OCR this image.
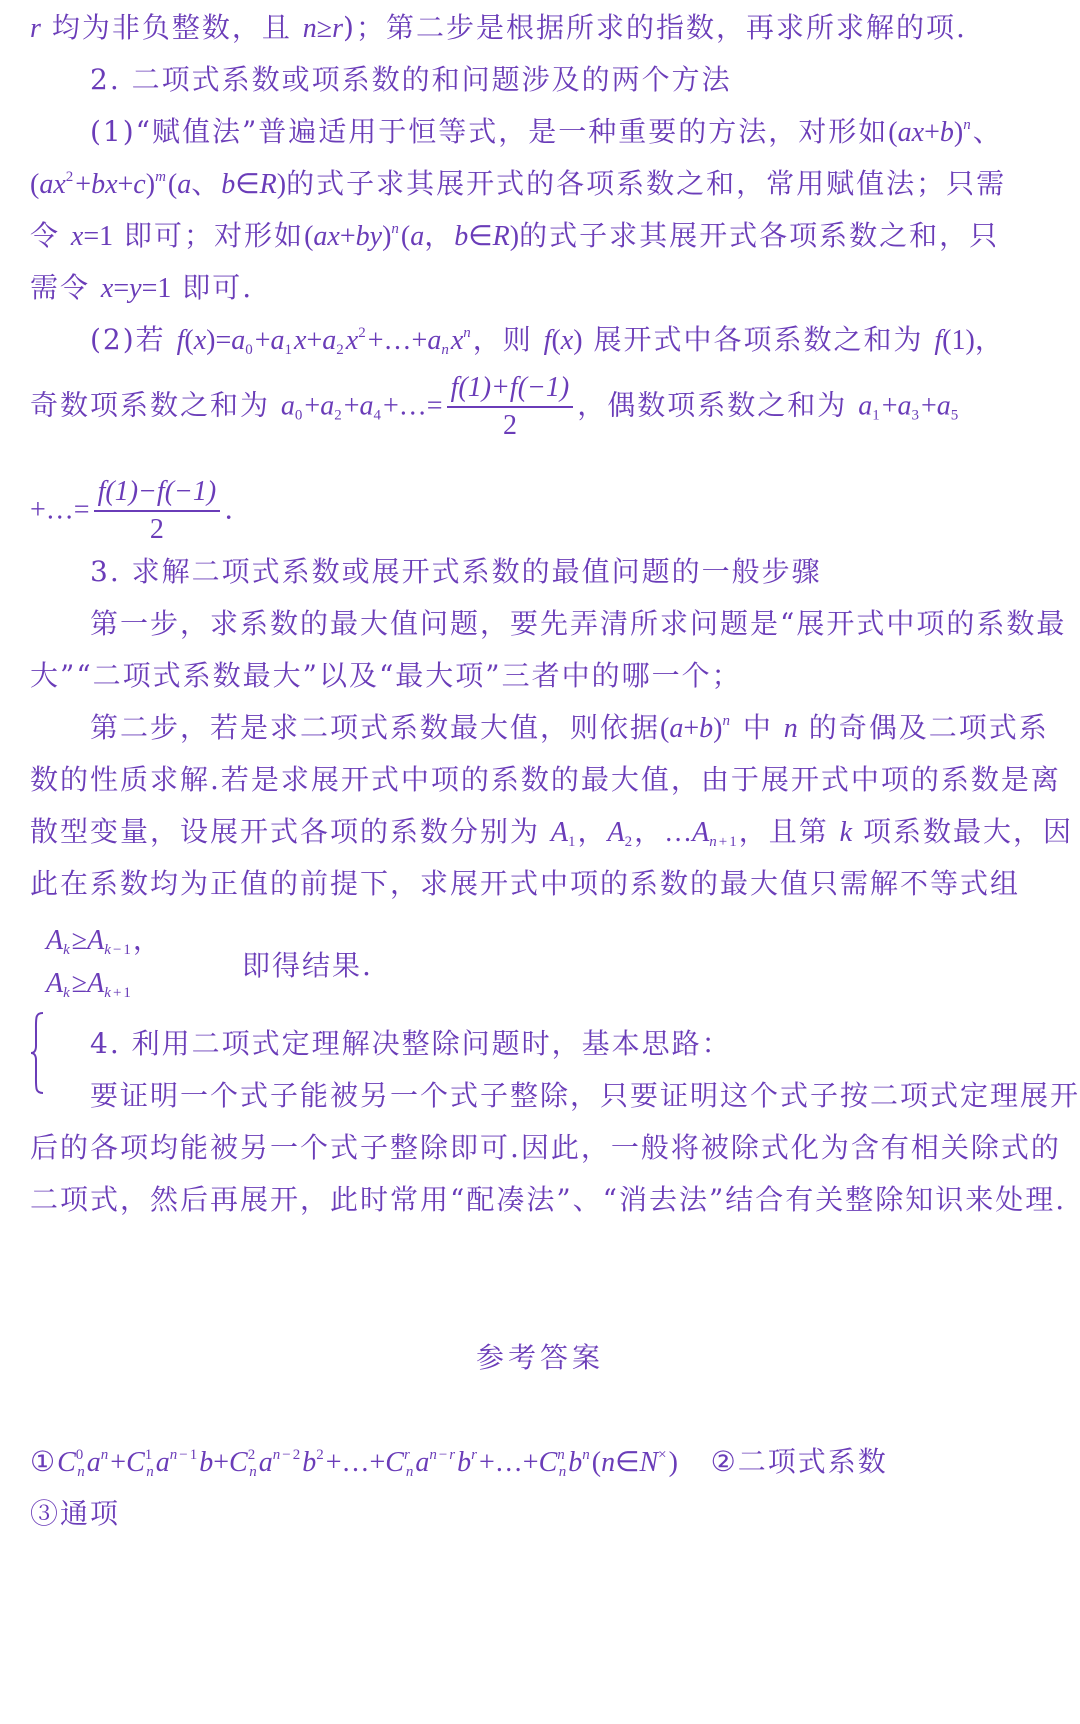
r 均为非负整数，且 n≥r)；第二步是根据所求的指数，再求所求解的项.
2. 二项式系数或项系数的和问题涉及的两个方法
(1)“赋值法”普遍适用于恒等式，是一种重要的方法，对形如$(ax+b)^n$、
$(ax^2+bx+c)^m(a$、b∈R)的式子求其展开式的各项系数之和，常用赋值法；只需
令 x=1 即可；对形如$(ax+by)^n(a$，b∈R)的式子求其展开式各项系数之和，只
需令 x=y=1 即可.
(2)若 $f(x)=a_0+a_1x+a_2x^2+\dots+a_nx^n$，则 f(x) 展开式中各项系数之和为 f(1)，
奇数项系数之和为 $a_0+a_2+a_4+\dots= \frac{f(1)+f(-1)}{2}$ ，偶数项系数之和为 $a_1+a_3+a_5$
+…= $\frac{f(1)-f(-1)}{2}$ .
3. 求解二项式系数或展开式系数的最值问题的一般步骤
第一步，求系数的最大值问题，要先弄清所求问题是“展开式中项的系数最
大”“二项式系数最大”以及“最大项”三者中的哪一个；
第二步，若是求二项式系数最大值，则依据$(a+b)^n$ 中 n 的奇偶及二项式系
数的性质求解.若是求展开式中项的系数的最大值，由于展开式中项的系数是离
散型变量，设展开式各项的系数分别为 $A_1$，$A_2$，$\dots A_{n+1}$，且第 k 项系数最大，因
此在系数均为正值的前提下，求展开式中项的系数的最大值只需解不等式组
$A_k\ge A_{k-1}$，
$A_k\ge A_{k+1}$
即得结果.
4. 利用二项式定理解决整除问题时，基本思路：
要证明一个式子能被另一个式子整除，只要证明这个式子按二项式定理展开
后的各项均能被另一个式子整除即可.因此，一般将被除式化为含有相关除式的
二项式，然后再展开，此时常用“配凑法”、“消去法”结合有关整除知识来处理.
参考答案
$①C^0_na^n+C^1_na^{n-1}b+C^2_na^{n-2}b^2+\dots+C^r_na^{n-r}b^r+\dots+C^n_nb^n(n\in N^\times)$ ②二项式系数
③通项
